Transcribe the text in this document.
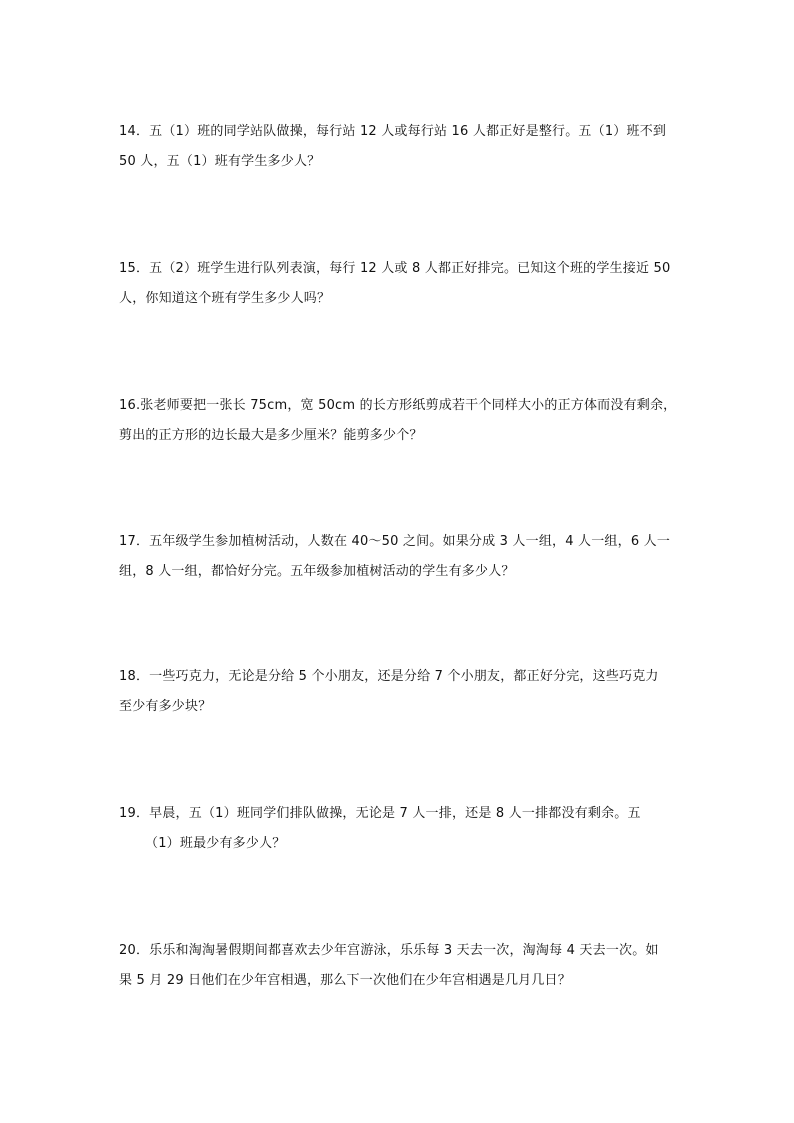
14．五（1）班的同学站队做操，每行站 12 人或每行站 16 人都正好是整行。五（1）班不到
50 人，五（1）班有学生多少人？
15．五（2）班学生进行队列表演，每行 12 人或 8 人都正好排完。已知这个班的学生接近 50
人，你知道这个班有学生多少人吗？
16.张老师要把一张长 75cm，宽 50cm 的长方形纸剪成若干个同样大小的正方体而没有剩余，
剪出的正方形的边长最大是多少厘米？能剪多少个？
17．五年级学生参加植树活动，人数在 40～50 之间。如果分成 3 人一组，4 人一组，6 人一
组，8 人一组，都恰好分完。五年级参加植树活动的学生有多少人？
18．一些巧克力，无论是分给 5 个小朋友，还是分给 7 个小朋友，都正好分完，这些巧克力
至少有多少块？
19．早晨，五（1）班同学们排队做操，无论是 7 人一排，还是 8 人一排都没有剩余。五
（1）班最少有多少人？
20．乐乐和淘淘暑假期间都喜欢去少年宫游泳，乐乐每 3 天去一次，淘淘每 4 天去一次。如
果 5 月 29 日他们在少年宫相遇，那么下一次他们在少年宫相遇是几月几日？
